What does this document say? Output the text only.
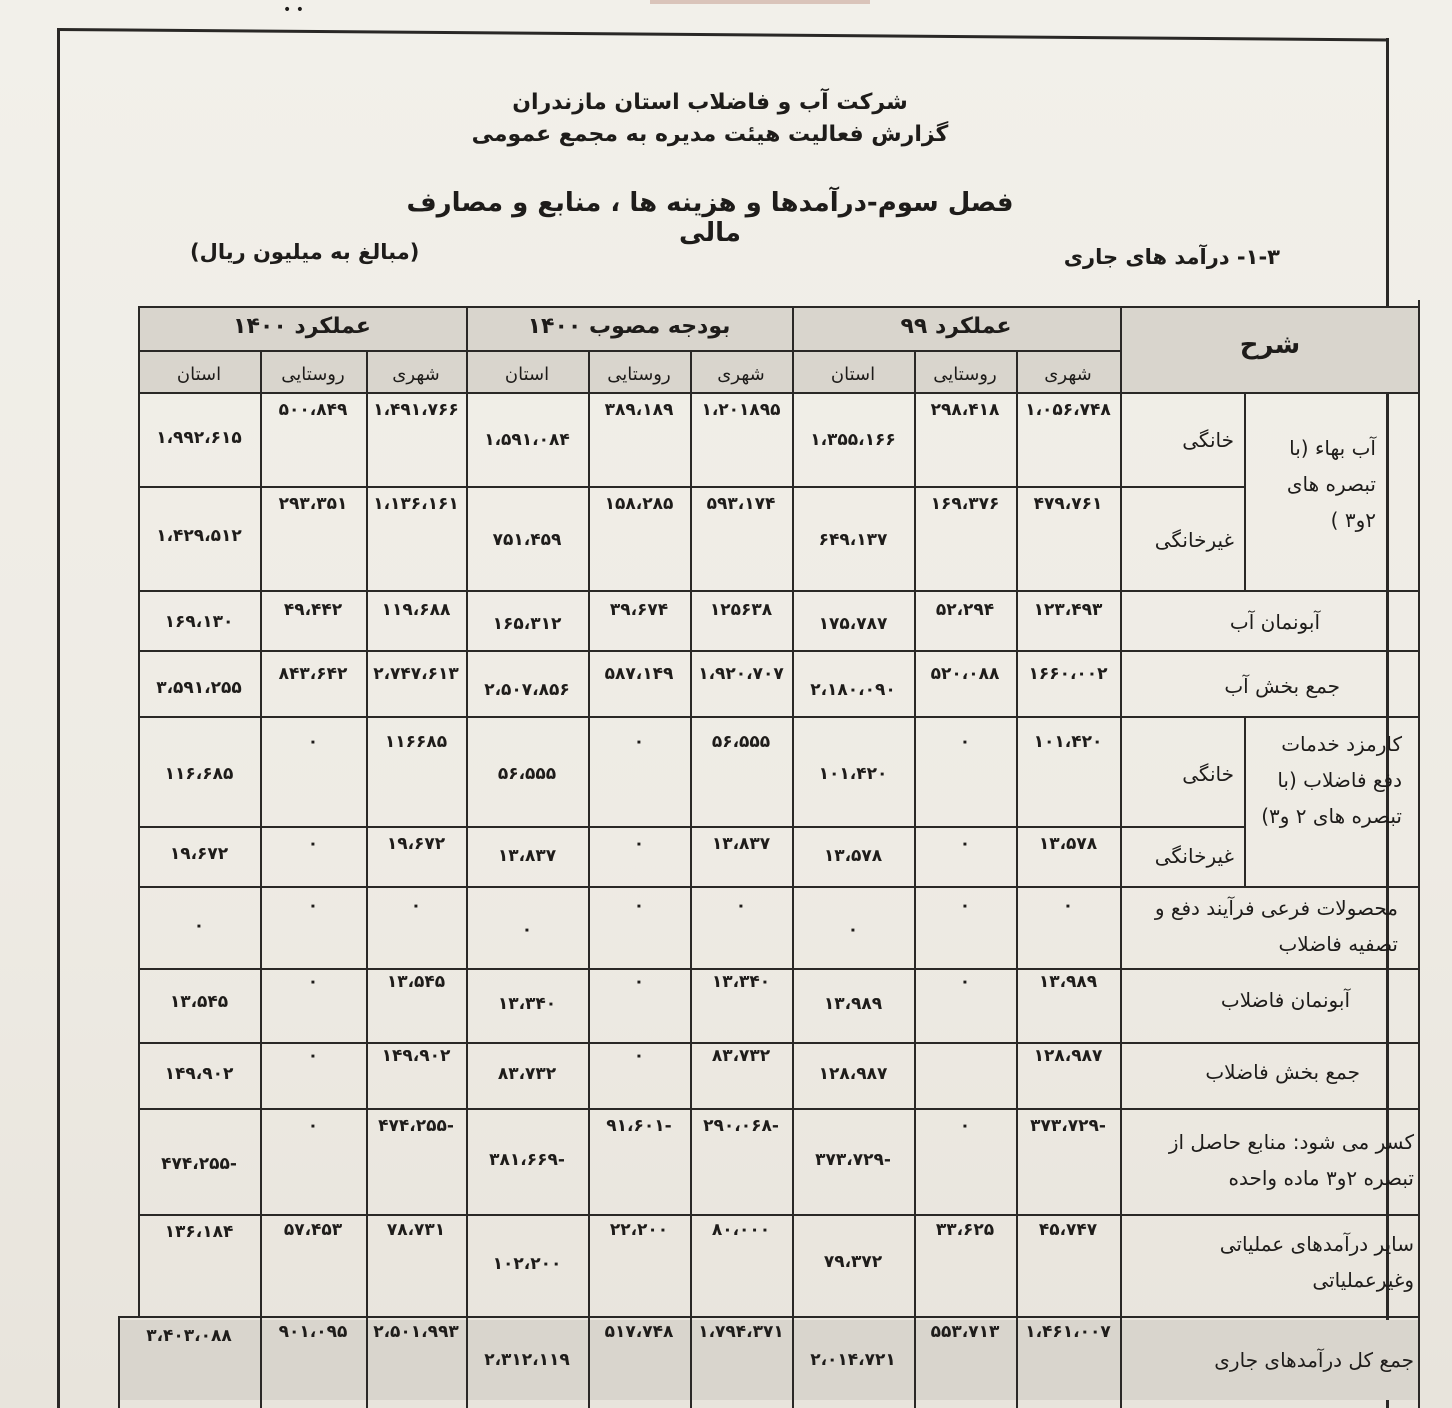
• •
شرکت آب و فاضلاب استان مازندران
گزارش فعالیت هیئت مدیره به مجمع عمومی
فصل سوم-درآمدها و هزینه ها ، منابع و مصارف مالی
(مبالغ به میلیون ریال)	۱-۳- درآمد های جاری
شرح
عملکرد ۹۹
بودجه مصوب ۱۴۰۰
عملکرد ۱۴۰۰
شهری
روستایی
استان
شهری
روستایی
استان
شهری
روستایی
استان
آب بهاء (با تبصره های ۲و۳ )
خانگی
غیرخانگی
آبونمان آب
جمع بخش آب
کارمزد خدمات دفع فاضلاب (با تبصره های ۲ و۳)
خانگی
غیرخانگی
محصولات فرعی فرآیند دفع و تصفیه فاضلاب
آبونمان فاضلاب
جمع بخش فاضلاب
کسر می شود: منابع حاصل از تبصره ۲و۳ ماده واحده
سایر درآمدهای عملیاتی وغیرعملیاتی
جمع کل درآمدهای جاری
۱،۰۵۶،۷۴۸
۲۹۸،۴۱۸
۱،۳۵۵،۱۶۶
۱،۲۰۱۸۹۵
۳۸۹،۱۸۹
۱،۵۹۱،۰۸۴
۱،۴۹۱،۷۶۶
۵۰۰،۸۴۹
۱،۹۹۲،۶۱۵
۴۷۹،۷۶۱
۱۶۹،۳۷۶
۶۴۹،۱۳۷
۵۹۳،۱۷۴
۱۵۸،۲۸۵
۷۵۱،۴۵۹
۱،۱۳۶،۱۶۱
۲۹۳،۳۵۱
۱،۴۲۹،۵۱۲
۱۲۳،۴۹۳
۵۲،۲۹۴
۱۷۵،۷۸۷
۱۲۵۶۳۸
۳۹،۶۷۴
۱۶۵،۳۱۲
۱۱۹،۶۸۸
۴۹،۴۴۲
۱۶۹،۱۳۰
۱۶۶۰،۰۰۲
۵۲۰،۰۸۸
۲،۱۸۰،۰۹۰
۱،۹۲۰،۷۰۷
۵۸۷،۱۴۹
۲،۵۰۷،۸۵۶
۲،۷۴۷،۶۱۳
۸۴۳،۶۴۲
۳،۵۹۱،۲۵۵
۱۰۱،۴۲۰
۰
۱۰۱،۴۲۰
۵۶،۵۵۵
۰
۵۶،۵۵۵
۱۱۶۶۸۵
۰
۱۱۶،۶۸۵
۱۳،۵۷۸
۰
۱۳،۵۷۸
۱۳،۸۳۷
۰
۱۳،۸۳۷
۱۹،۶۷۲
۰
۱۹،۶۷۲
۰
۰
۰
۰
۰
۰
۰
۰
۰
۱۳،۹۸۹
۰
۱۳،۹۸۹
۱۳،۳۴۰
۰
۱۳،۳۴۰
۱۳،۵۴۵
۰
۱۳،۵۴۵
۱۲۸،۹۸۷
۱۲۸،۹۸۷
۸۳،۷۳۲
۰
۸۳،۷۳۲
۱۴۹،۹۰۲
۰
۱۴۹،۹۰۲
-۳۷۳،۷۲۹
۰
-۳۷۳،۷۲۹
-۲۹۰،۰۶۸
-۹۱،۶۰۱
-۳۸۱،۶۶۹
-۴۷۴،۲۵۵
۰
-۴۷۴،۲۵۵
۴۵،۷۴۷
۳۳،۶۲۵
۷۹،۳۷۲
۸۰،۰۰۰
۲۲،۲۰۰
۱۰۲،۲۰۰
۷۸،۷۳۱
۵۷،۴۵۳
۱۳۶،۱۸۴
۱،۴۶۱،۰۰۷
۵۵۳،۷۱۳
۲،۰۱۴،۷۲۱
۱،۷۹۴،۳۷۱
۵۱۷،۷۴۸
۲،۳۱۲،۱۱۹
۲،۵۰۱،۹۹۳
۹۰۱،۰۹۵
۳،۴۰۳،۰۸۸
